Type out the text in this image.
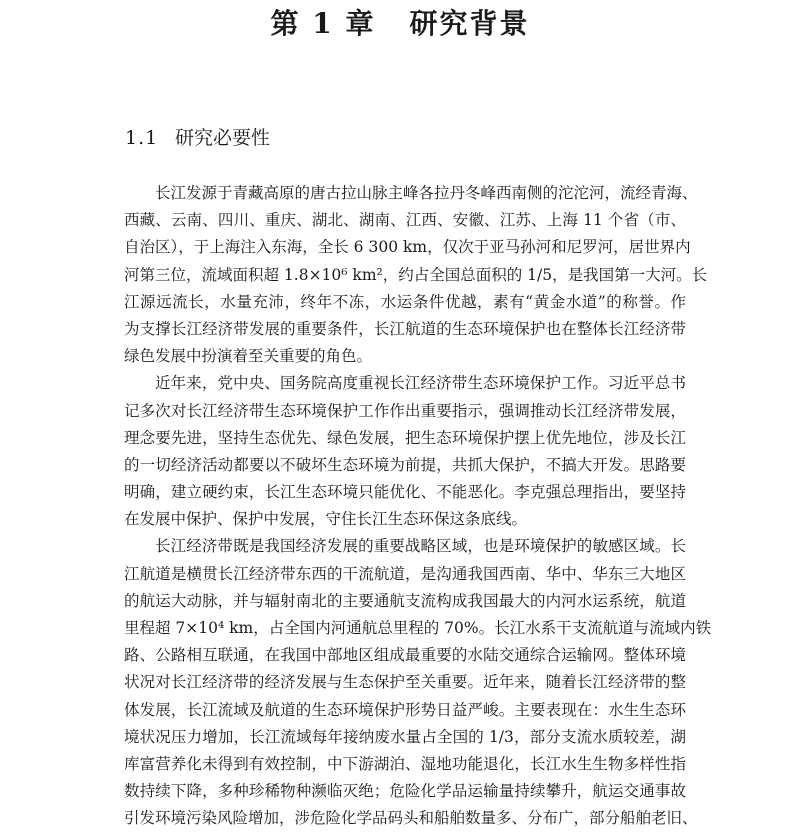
第 1 章 研究背景
1.1 研究必要性
长江发源于青藏高原的唐古拉山脉主峰各拉丹冬峰西南侧的沱沱河，流经青海、
西藏、云南、四川、重庆、湖北、湖南、江西、安徽、江苏、上海 11 个省（市、
自治区），于上海注入东海，全长 6 300 km，仅次于亚马孙河和尼罗河，居世界内
河第三位，流域面积超 1.8×10⁶ km²，约占全国总面积的 1/5，是我国第一大河。长
江源远流长，水量充沛，终年不冻，水运条件优越，素有“黄金水道”的称誉。作
为支撑长江经济带发展的重要条件，长江航道的生态环境保护也在整体长江经济带
绿色发展中扮演着至关重要的角色。
近年来，党中央、国务院高度重视长江经济带生态环境保护工作。习近平总书
记多次对长江经济带生态环境保护工作作出重要指示，强调推动长江经济带发展，
理念要先进，坚持生态优先、绿色发展，把生态环境保护摆上优先地位，涉及长江
的一切经济活动都要以不破坏生态环境为前提，共抓大保护，不搞大开发。思路要
明确，建立硬约束，长江生态环境只能优化、不能恶化。李克强总理指出，要坚持
在发展中保护、保护中发展，守住长江生态环保这条底线。
长江经济带既是我国经济发展的重要战略区域，也是环境保护的敏感区域。长
江航道是横贯长江经济带东西的干流航道，是沟通我国西南、华中、华东三大地区
的航运大动脉，并与辐射南北的主要通航支流构成我国最大的内河水运系统，航道
里程超 7×10⁴ km，占全国内河通航总里程的 70%。长江水系干支流航道与流域内铁
路、公路相互联通，在我国中部地区组成最重要的水陆交通综合运输网。整体环境
状况对长江经济带的经济发展与生态保护至关重要。近年来，随着长江经济带的整
体发展，长江流域及航道的生态环境保护形势日益严峻。主要表现在：水生生态环
境状况压力增加，长江流域每年接纳废水量占全国的 1/3，部分支流水质较差，湖
库富营养化未得到有效控制，中下游湖泊、湿地功能退化，长江水生生物多样性指
数持续下降，多种珍稀物种濒临灭绝；危险化学品运输量持续攀升，航运交通事故
引发环境污染风险增加，涉危险化学品码头和船舶数量多、分布广，部分船舶老旧、
